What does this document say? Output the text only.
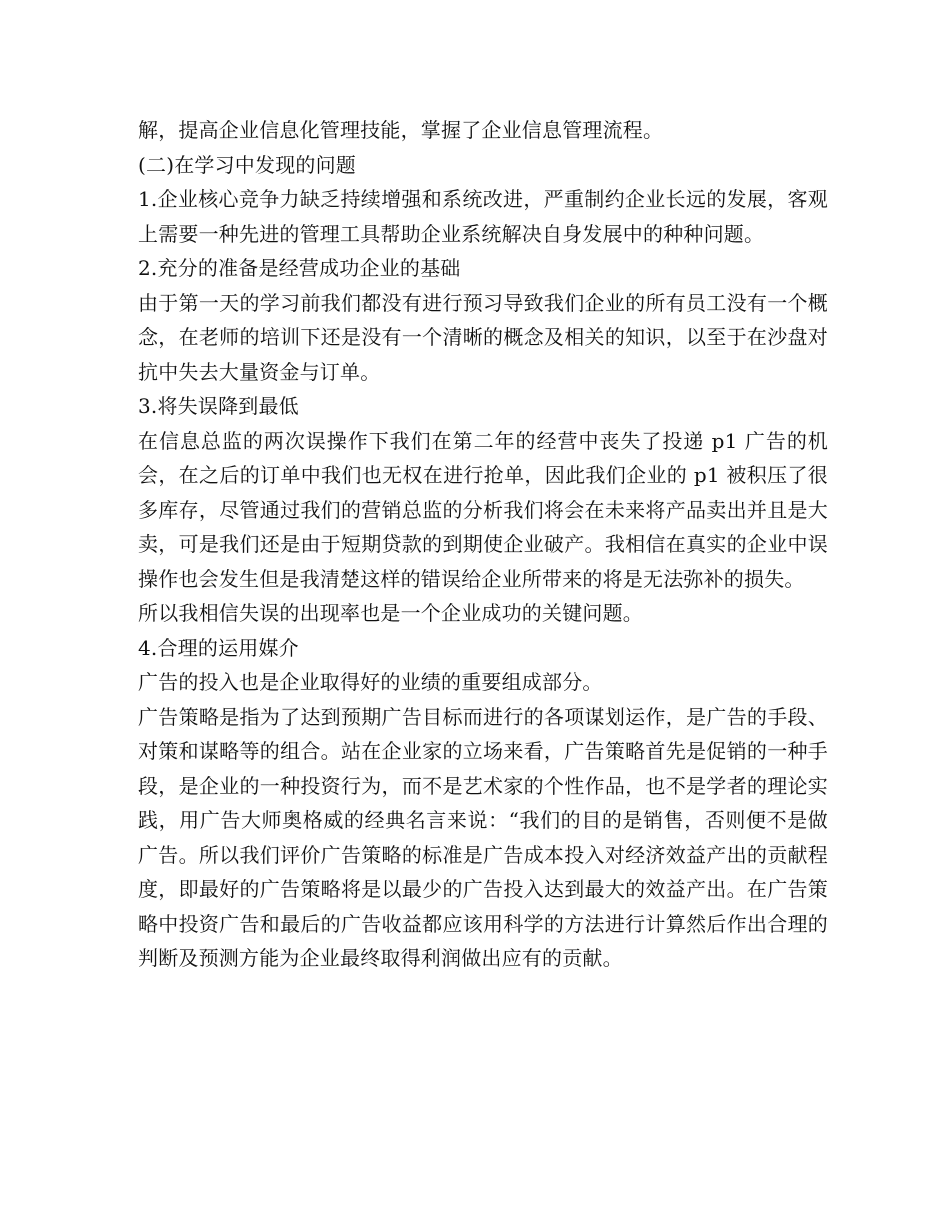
解，提高企业信息化管理技能，掌握了企业信息管理流程。

(二)在学习中发现的问题

1.企业核心竞争力缺乏持续增强和系统改进，严重制约企业长远的发展，客观上需要一种先进的管理工具帮助企业系统解决自身发展中的种种问题。

2.充分的准备是经营成功企业的基础

由于第一天的学习前我们都没有进行预习导致我们企业的所有员工没有一个概念，在老师的培训下还是没有一个清晰的概念及相关的知识，以至于在沙盘对抗中失去大量资金与订单。

3.将失误降到最低

在信息总监的两次误操作下我们在第二年的经营中丧失了投递 p1 广告的机会，在之后的订单中我们也无权在进行抢单，因此我们企业的 p1 被积压了很多库存，尽管通过我们的营销总监的分析我们将会在未来将产品卖出并且是大卖，可是我们还是由于短期贷款的到期使企业破产。我相信在真实的企业中误操作也会发生但是我清楚这样的错误给企业所带来的将是无法弥补的损失。

所以我相信失误的出现率也是一个企业成功的关键问题。

4.合理的运用媒介

广告的投入也是企业取得好的业绩的重要组成部分。

广告策略是指为了达到预期广告目标而进行的各项谋划运作，是广告的手段、对策和谋略等的组合。站在企业家的立场来看，广告策略首先是促销的一种手段，是企业的一种投资行为，而不是艺术家的个性作品，也不是学者的理论实践，用广告大师奥格威的经典名言来说：“我们的目的是销售，否则便不是做广告。所以我们评价广告策略的标准是广告成本投入对经济效益产出的贡献程度，即最好的广告策略将是以最少的广告投入达到最大的效益产出。在广告策略中投资广告和最后的广告收益都应该用科学的方法进行计算然后作出合理的判断及预测方能为企业最终取得利润做出应有的贡献。
